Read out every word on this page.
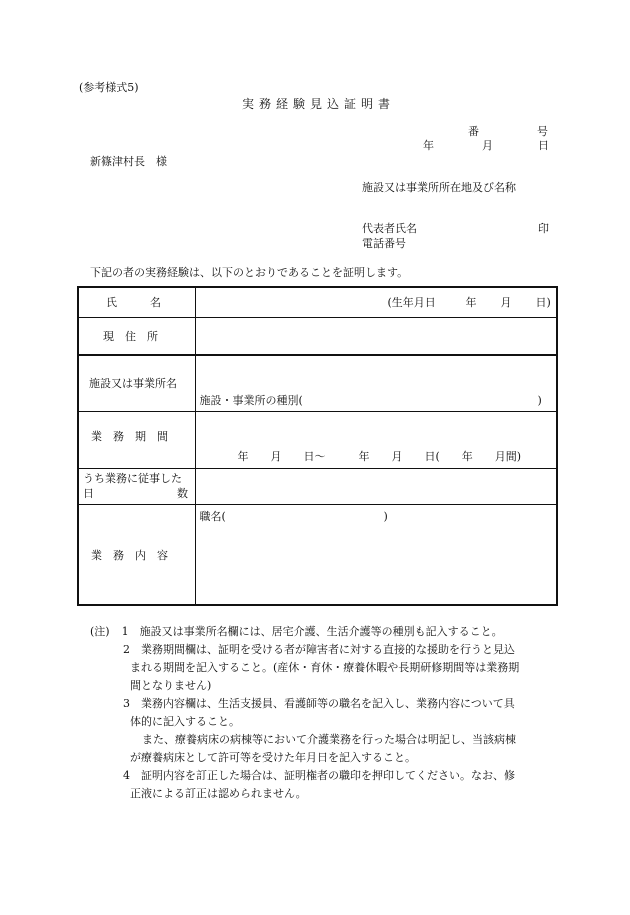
(参考様式5)
実務経験見込証明書
番	号
年	月	日
新篠津村長　様
施設又は事業所所在地及び名称
代表者氏名	印
電話番号
下記の者の実務経験は、以下のとおりであることを証明します。
氏　　　名	(生年月日 年 月 日)

現　住　所	

施設又は事業所名	施設・事業所の種別( )

業　務　期　間	年　　月　　日〜　　　年　　月　　日(　　年　　月間)

うち業務に従事した
日 数	

業　務　内　容	職名( )
(注) 1　施設又は事業所名欄には、居宅介護、生活介護等の種別も記入すること。
2　業務期間欄は、証明を受ける者が障害者に対する直接的な援助を行うと見込
まれる期間を記入すること。(産休・育休・療養休暇や長期研修期間等は業務期
間となりません)
3　業務内容欄は、生活支援員、看護師等の職名を記入し、業務内容について具
体的に記入すること。
また、療養病床の病棟等において介護業務を行った場合は明記し、当該病棟
が療養病床として許可等を受けた年月日を記入すること。
4　証明内容を訂正した場合は、証明権者の職印を押印してください。なお、修
正液による訂正は認められません。
